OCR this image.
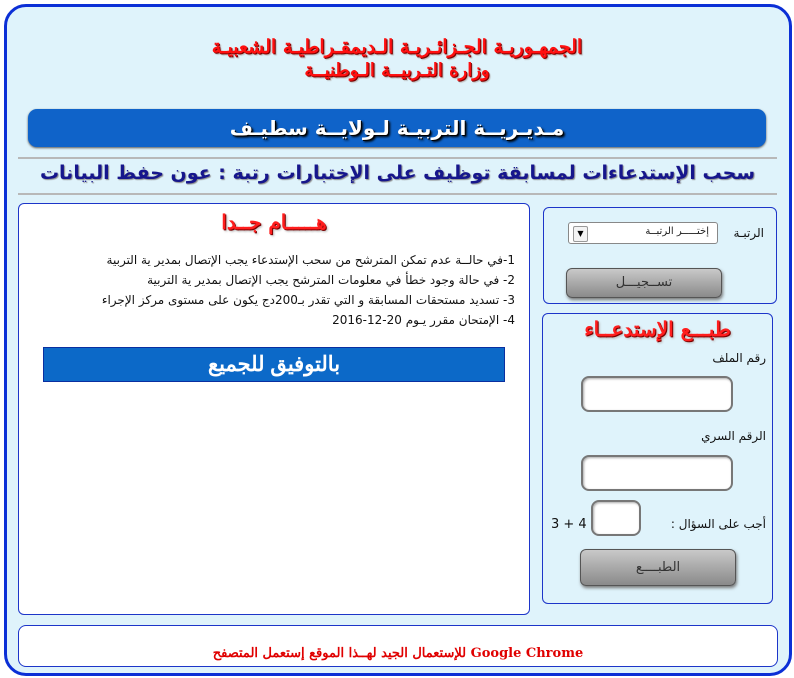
الجمهـوريـة الجـزائـريـة الـديمقـراطيـة الشعبيـة
وزارة التـربيــة الـوطنيــة
مـديـريــة التربيـة لـولايــة سطيـف
سحب الإستدعاءات لمسابقة توظيف على الإختبارات رتبة : عون حفظ البيانات
هـــــام جــدا
1-في حالــة عدم تمكن المترشح من سحب الإستدعاء يجب الإتصال بمدير ية التربية
2- في حالة وجود خطأ في معلومات المترشح يجب الإتصال بمدير ية التربية
3- تسديد مستحقات المسابقة و التي تقدر بـ200دج يكون على مستوى مركز الإجراء
4- الإمتحان مقرر يـوم 20-12-2016
بالتوفيق للجميع
الرتبـة
▼	إختـــــر الرتبــة
تســجيـــل
طبـــع الإستدعــاء
رقم الملف
الرقم السري
أجب على السؤال :
3 + 4
الطبــــع
للإستعمال الجيد لهــذا الموقع إستعمل المتصفح Google Chrome
